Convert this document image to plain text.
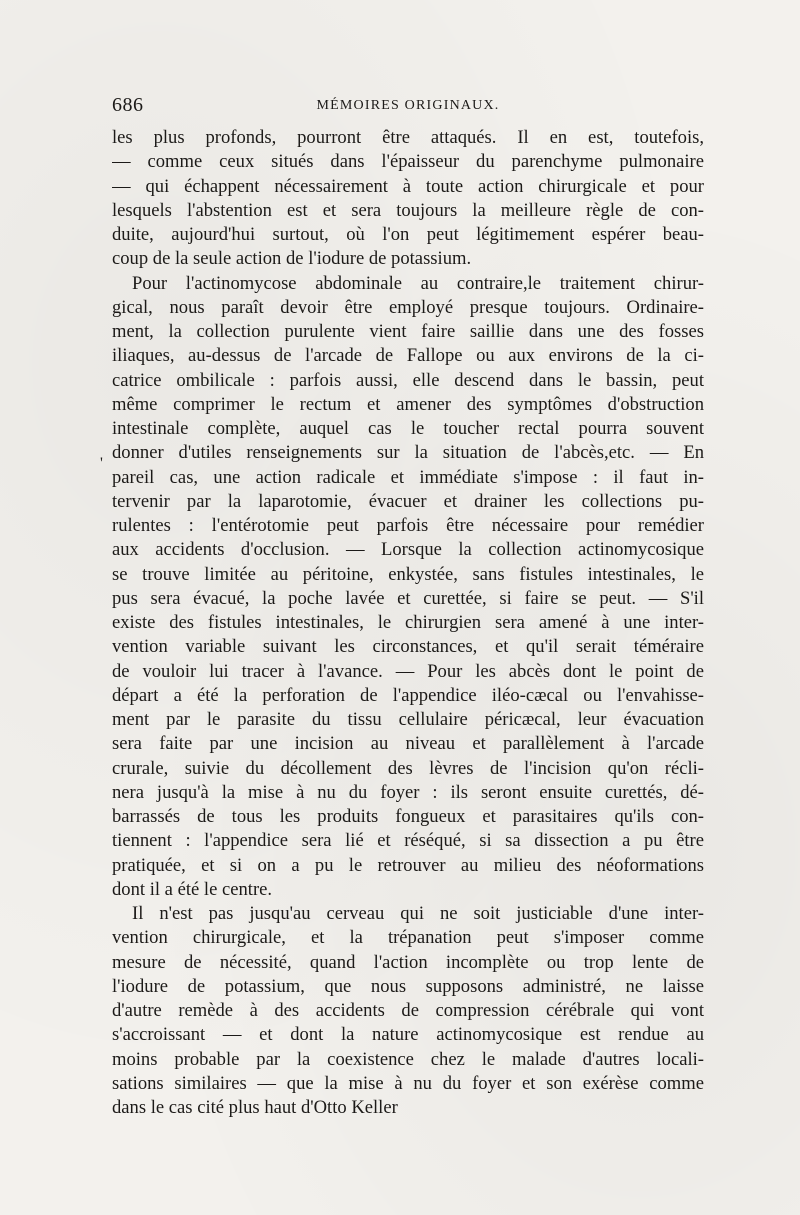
686	MÉMOIRES ORIGINAUX.
'
les plus profonds, pourront être attaqués. Il en est, toutefois,
— comme ceux situés dans l'épaisseur du parenchyme pulmonaire
— qui échappent nécessairement à toute action chirurgicale et pour
lesquels l'abstention est et sera toujours la meilleure règle de con-
duite, aujourd'hui surtout, où l'on peut légitimement espérer beau-
coup de la seule action de l'iodure de potassium.
Pour l'actinomycose abdominale au contraire,le traitement chirur-
gical, nous paraît devoir être employé presque toujours. Ordinaire-
ment, la collection purulente vient faire saillie dans une des fosses
iliaques, au-dessus de l'arcade de Fallope ou aux environs de la ci-
catrice ombilicale : parfois aussi, elle descend dans le bassin, peut
même comprimer le rectum et amener des symptômes d'obstruction
intestinale complète, auquel cas le toucher rectal pourra souvent
donner d'utiles renseignements sur la situation de l'abcès,etc. — En
pareil cas, une action radicale et immédiate s'impose : il faut in-
tervenir par la laparotomie, évacuer et drainer les collections pu-
rulentes : l'entérotomie peut parfois être nécessaire pour remédier
aux accidents d'occlusion. — Lorsque la collection actinomycosique
se trouve limitée au péritoine, enkystée, sans fistules intestinales, le
pus sera évacué, la poche lavée et curettée, si faire se peut. — S'il
existe des fistules intestinales, le chirurgien sera amené à une inter-
vention variable suivant les circonstances, et qu'il serait téméraire
de vouloir lui tracer à l'avance. — Pour les abcès dont le point de
départ a été la perforation de l'appendice iléo-cæcal ou l'envahisse-
ment par le parasite du tissu cellulaire péricæcal, leur évacuation
sera faite par une incision au niveau et parallèlement à l'arcade
crurale, suivie du décollement des lèvres de l'incision qu'on récli-
nera jusqu'à la mise à nu du foyer : ils seront ensuite curettés, dé-
barrassés de tous les produits fongueux et parasitaires qu'ils con-
tiennent : l'appendice sera lié et réséqué, si sa dissection a pu être
pratiquée, et si on a pu le retrouver au milieu des néoformations
dont il a été le centre.
Il n'est pas jusqu'au cerveau qui ne soit justiciable d'une inter-
vention chirurgicale, et la trépanation peut s'imposer comme
mesure de nécessité, quand l'action incomplète ou trop lente de
l'iodure de potassium, que nous supposons administré, ne laisse
d'autre remède à des accidents de compression cérébrale qui vont
s'accroissant — et dont la nature actinomycosique est rendue au
moins probable par la coexistence chez le malade d'autres locali-
sations similaires — que la mise à nu du foyer et son exérèse comme
dans le cas cité plus haut d'Otto Keller
